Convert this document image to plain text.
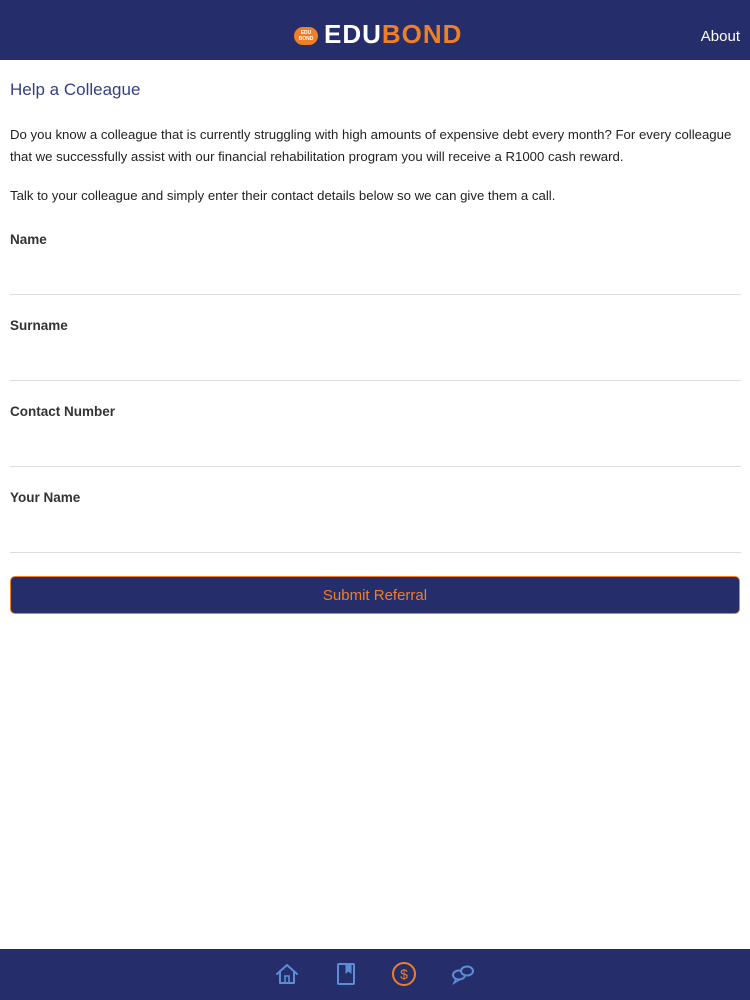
EDU
BOND EDUBOND	About
Help a Colleague

Do you know a colleague that is currently struggling with high amounts of expensive debt every month? For every colleague that we successfully assist with our financial rehabilitation program you will receive a R1000 cash reward.

Talk to your colleague and simply enter their contact details below so we can give them a call.

Name
Surname
Contact Number
Your Name
Submit Referral
$
